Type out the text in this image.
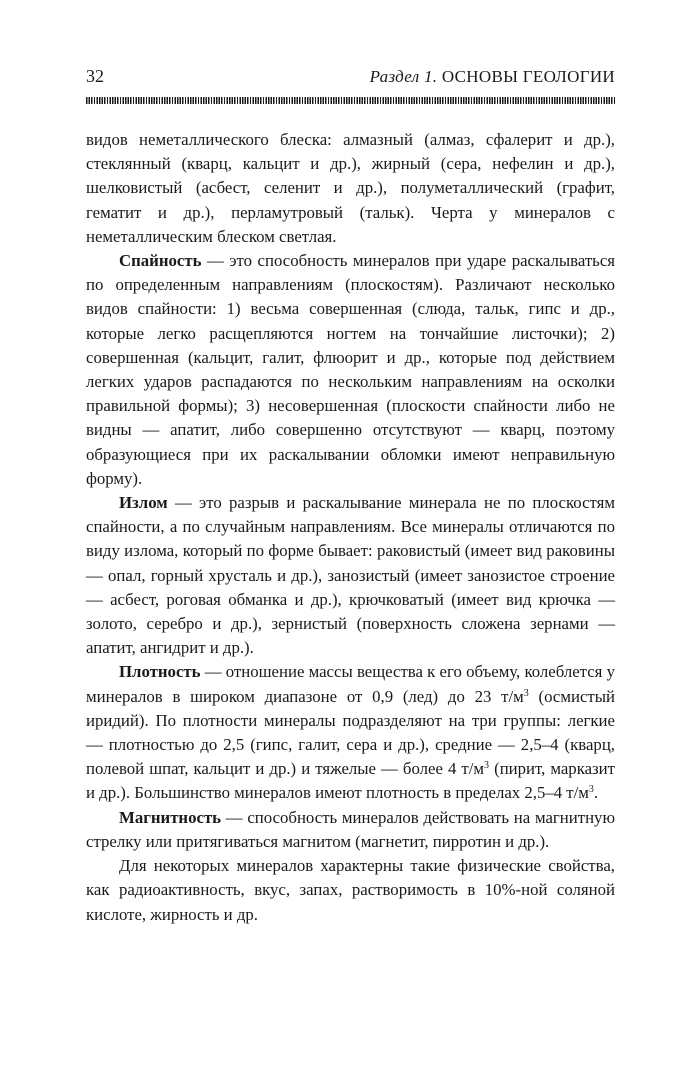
32	Раздел 1. ОСНОВЫ ГЕОЛОГИИ

видов неметаллического блеска: алмазный (алмаз, сфалерит и др.), стеклянный (кварц, кальцит и др.), жирный (сера, нефелин и др.), шелковистый (асбест, селенит и др.), полуметаллический (графит, гематит и др.), перламутровый (тальк). Черта у минералов с неметаллическим блеском светлая.

Спайность — это способность минералов при ударе раскалываться по определенным направлениям (плоскостям). Различают несколько видов спайности: 1) весьма совершенная (слюда, тальк, гипс и др., которые легко расщепляются ногтем на тончайшие листочки); 2) совершенная (кальцит, галит, флюорит и др., которые под действием легких ударов распадаются по нескольким направлениям на осколки правильной формы); 3) несовершенная (плоскости спайности либо не видны — апатит, либо совершенно отсутствуют — кварц, поэтому образующиеся при их раскалывании обломки имеют неправильную форму).

Излом — это разрыв и раскалывание минерала не по плоскостям спайности, а по случайным направлениям. Все минералы отличаются по виду излома, который по форме бывает: раковистый (имеет вид раковины — опал, горный хрусталь и др.), занозистый (имеет занозистое строение — асбест, роговая обманка и др.), крючковатый (имеет вид крючка — золото, серебро и др.), зернистый (поверхность сложена зернами — апатит, ангидрит и др.).

Плотность — отношение массы вещества к его объему, колеблется у минералов в широком диапазоне от 0,9 (лед) до 23 $т/м^3$ (осмистый иридий). По плотности минералы подразделяют на три группы: легкие — плотностью до 2,5 (гипс, галит, сера и др.), средние — 2,5–4 (кварц, полевой шпат, кальцит и др.) и тяжелые — более 4 $т/м^3$ (пирит, марказит и др.). Большинство минералов имеют плотность в пределах 2,5–4 $т/м^3$.

Магнитность — способность минералов действовать на магнитную стрелку или притягиваться магнитом (магнетит, пирротин и др.).

Для некоторых минералов характерны такие физические свойства, как радиоактивность, вкус, запах, растворимость в 10%-ной соляной кислоте, жирность и др.
